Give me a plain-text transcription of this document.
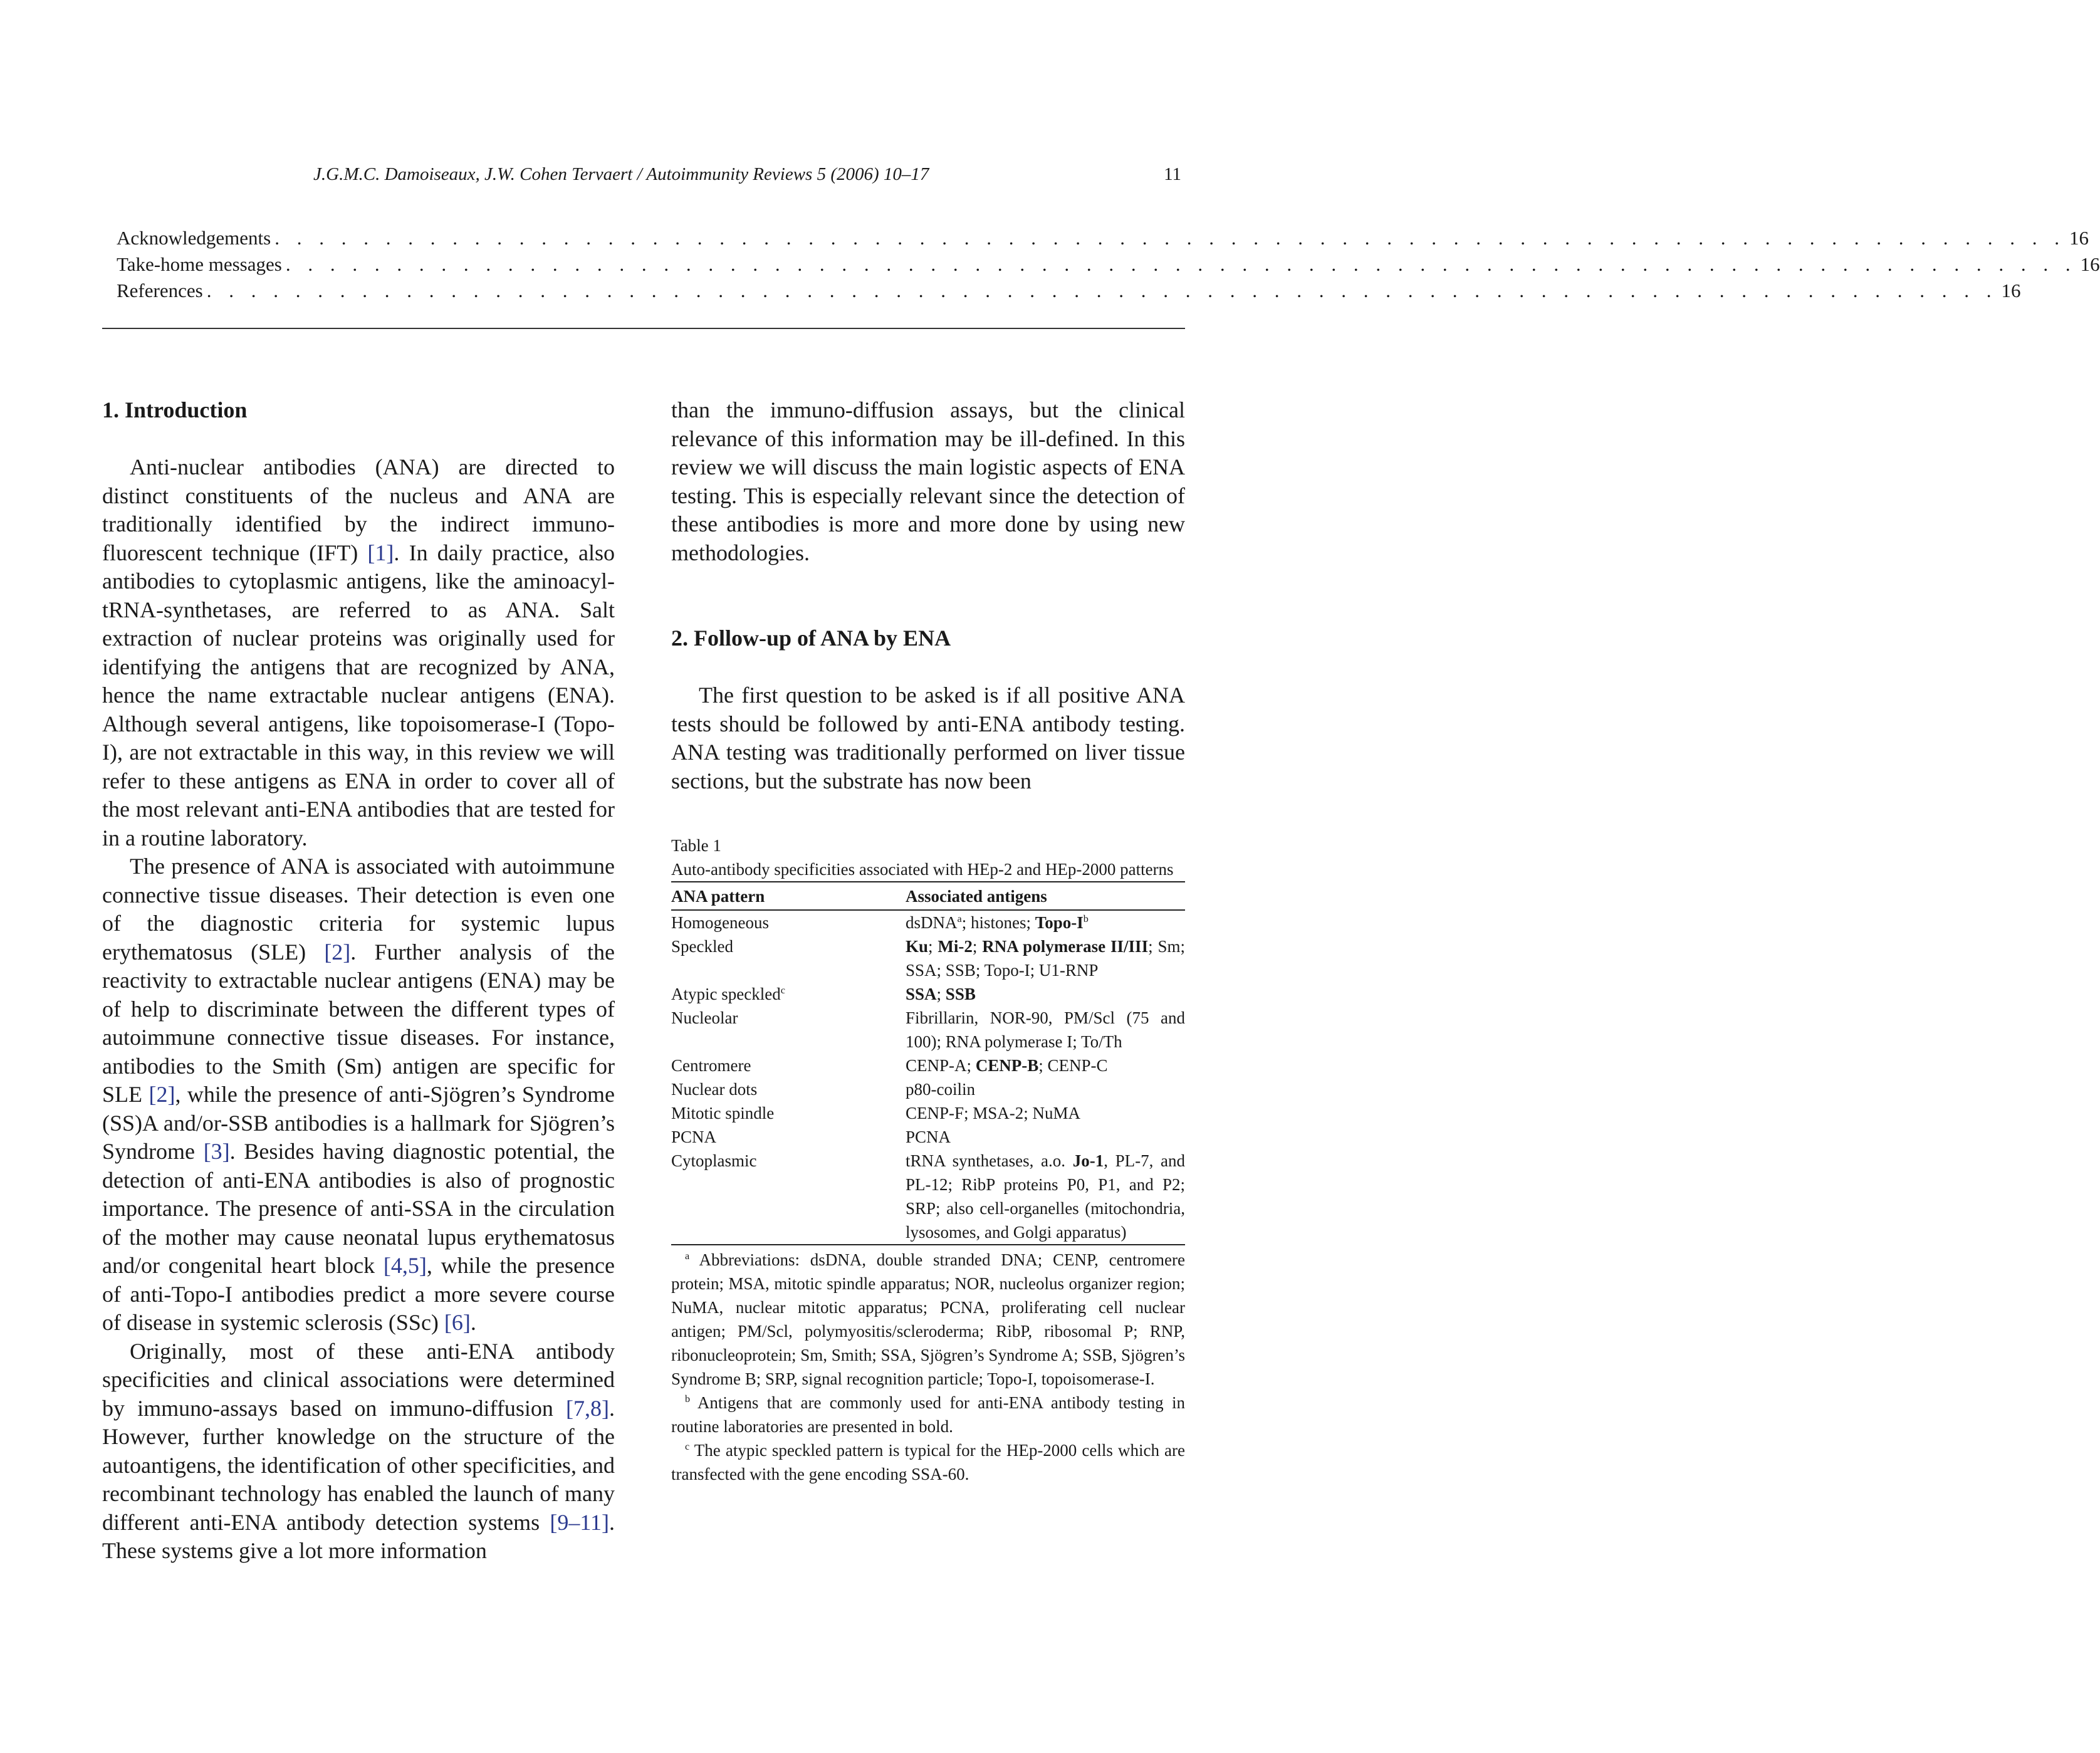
J.G.M.C. Damoiseaux, J.W. Cohen Tervaert / Autoimmunity Reviews 5 (2006) 10–17	11
Acknowledgements . . . . . . . . . . . . . . . . . . . . . . . . . . . . . . . . . . . . . . . . . . . . . . . . . . . . . . . . . . . . . . . . . . . . . . . . . . . . . . . . . 16
Take-home messages . . . . . . . . . . . . . . . . . . . . . . . . . . . . . . . . . . . . . . . . . . . . . . . . . . . . . . . . . . . . . . . . . . . . . . . . . . . . . . . . . 16
References . . . . . . . . . . . . . . . . . . . . . . . . . . . . . . . . . . . . . . . . . . . . . . . . . . . . . . . . . . . . . . . . . . . . . . . . . . . . . . . . . 16
1. Introduction

Anti-nuclear antibodies (ANA) are directed to distinct constituents of the nucleus and ANA are traditionally identified by the indirect immuno-fluorescent technique (IFT) [1]. In daily practice, also antibodies to cytoplasmic antigens, like the aminoacyl-tRNA-synthetases, are referred to as ANA. Salt extraction of nuclear proteins was originally used for identifying the antigens that are recognized by ANA, hence the name extractable nuclear antigens (ENA). Although several antigens, like topoisomerase-I (Topo-I), are not extractable in this way, in this review we will refer to these antigens as ENA in order to cover all of the most relevant anti-ENA antibodies that are tested for in a routine laboratory.

The presence of ANA is associated with autoimmune connective tissue diseases. Their detection is even one of the diagnostic criteria for systemic lupus erythematosus (SLE) [2]. Further analysis of the reactivity to extractable nuclear antigens (ENA) may be of help to discriminate between the different types of autoimmune connective tissue diseases. For instance, antibodies to the Smith (Sm) antigen are specific for SLE [2], while the presence of anti-Sjögren’s Syndrome (SS)A and/or-SSB antibodies is a hallmark for Sjögren’s Syndrome [3]. Besides having diagnostic potential, the detection of anti-ENA antibodies is also of prognostic importance. The presence of anti-SSA in the circulation of the mother may cause neonatal lupus erythematosus and/or congenital heart block [4,5], while the presence of anti-Topo-I antibodies predict a more severe course of disease in systemic sclerosis (SSc) [6].

Originally, most of these anti-ENA antibody specificities and clinical associations were determined by immuno-assays based on immuno-diffusion [7,8]. However, further knowledge on the structure of the autoantigens, the identification of other specificities, and recombinant technology has enabled the launch of many different anti-ENA antibody detection systems [9–11]. These systems give a lot more information

than the immuno-diffusion assays, but the clinical relevance of this information may be ill-defined. In this review we will discuss the main logistic aspects of ENA testing. This is especially relevant since the detection of these antibodies is more and more done by using new methodologies.

2. Follow-up of ANA by ENA

The first question to be asked is if all positive ANA tests should be followed by anti-ENA antibody testing. ANA testing was traditionally performed on liver tissue sections, but the substrate has now been

Table 1
Auto-antibody specificities associated with HEp-2 and HEp-2000 patterns
ANA pattern	Associated antigens
Homogeneous	dsDNA$^a$; histones; Topo-$I^b$
Speckled	Ku; Mi-2; RNA polymerase II/III; Sm; SSA; SSB; Topo-I; U1-RNP
Atypic speckled$^c$	SSA; SSB
Nucleolar	Fibrillarin, NOR-90, PM/Scl (75 and 100); RNA polymerase I; To/Th
Centromere	CENP-A; CENP-B; CENP-C
Nuclear dots	p80-coilin
Mitotic spindle	CENP-F; MSA-2; NuMA
PCNA	PCNA
Cytoplasmic	tRNA synthetases, a.o. Jo-1, PL-7, and PL-12; RibP proteins P0, P1, and P2; SRP; also cell-organelles (mitochondria, lysosomes, and Golgi apparatus)

$^a$ Abbreviations: dsDNA, double stranded DNA; CENP, centromere protein; MSA, mitotic spindle apparatus; NOR, nucleolus organizer region; NuMA, nuclear mitotic apparatus; PCNA, proliferating cell nuclear antigen; PM/Scl, polymyositis/scleroderma; RibP, ribosomal P; RNP, ribonucleoprotein; Sm, Smith; SSA, Sjögren’s Syndrome A; SSB, Sjögren’s Syndrome B; SRP, signal recognition particle; Topo-I, topoisomerase-I.

$^b$ Antigens that are commonly used for anti-ENA antibody testing in routine laboratories are presented in bold.

$^c$ The atypic speckled pattern is typical for the HEp-2000 cells which are transfected with the gene encoding SSA-60.
